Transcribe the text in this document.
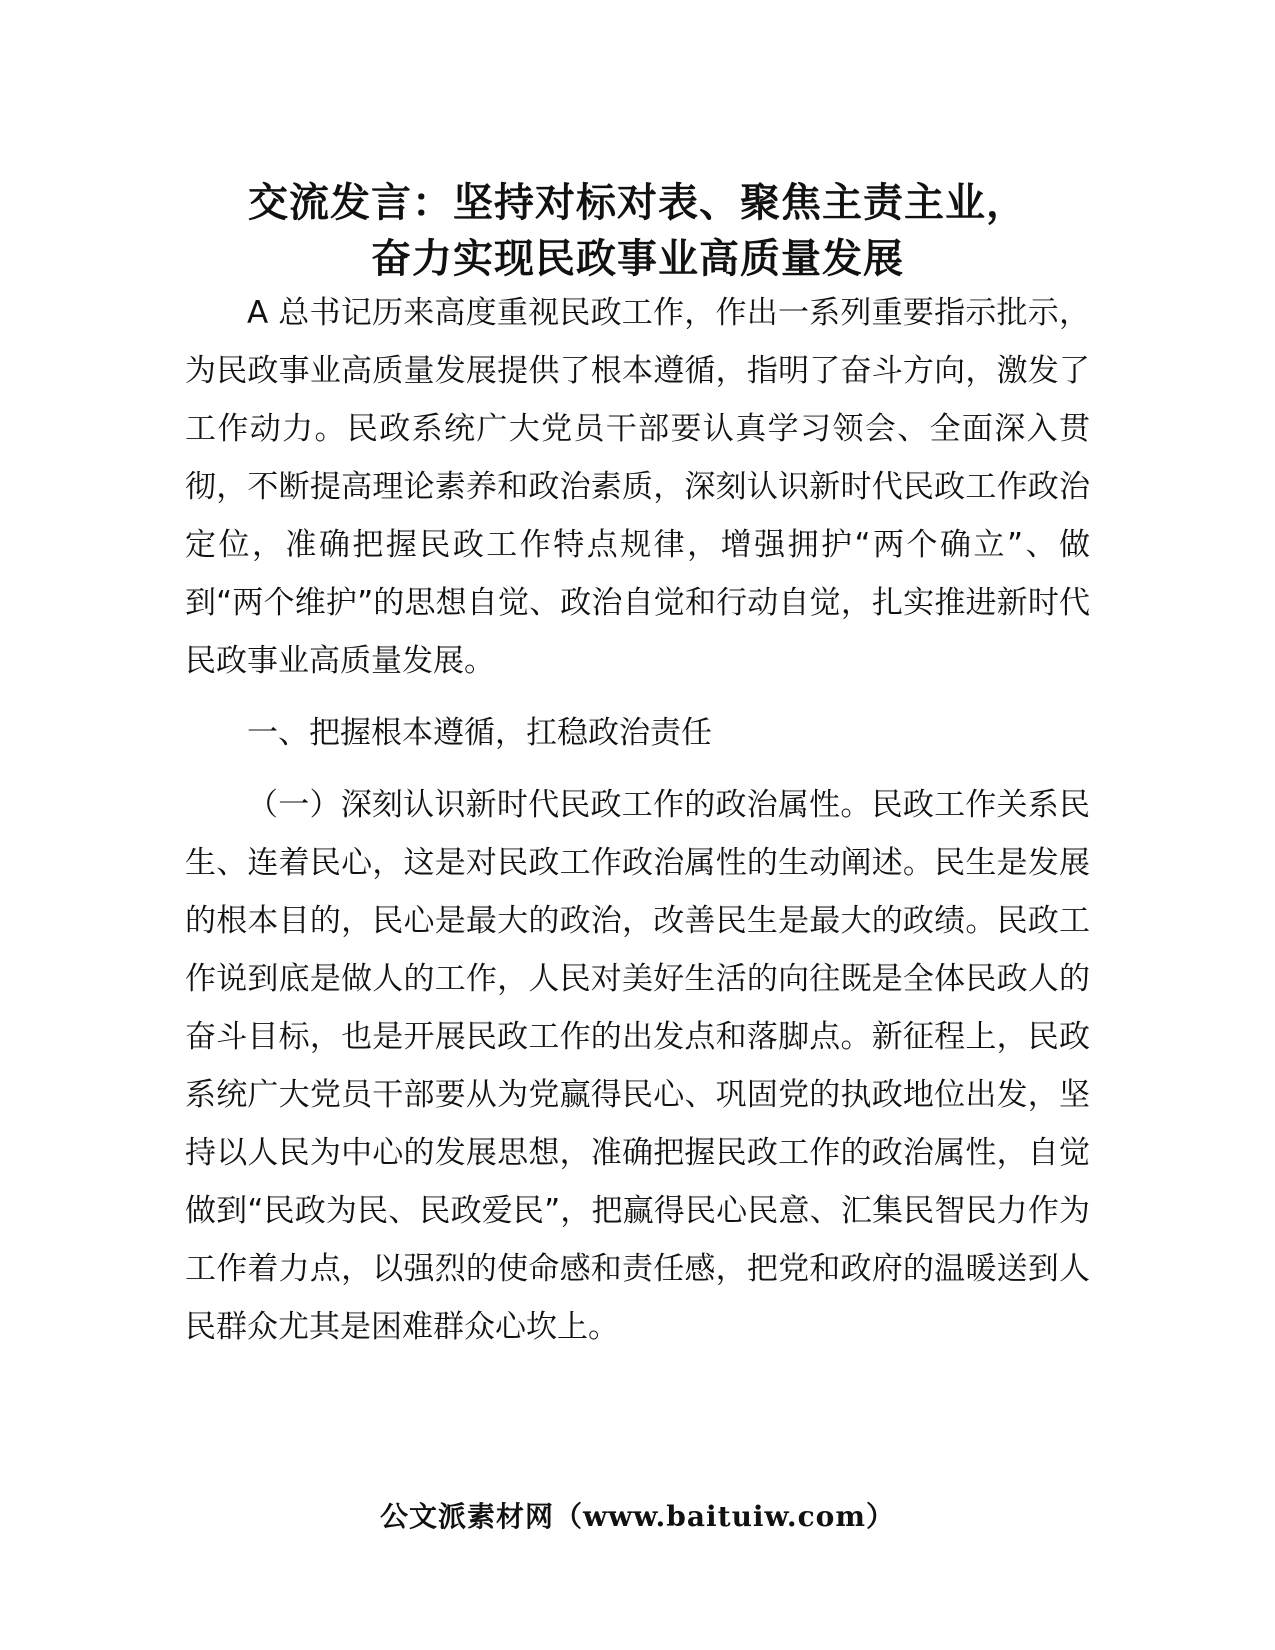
交流发言：坚持对标对表、聚焦主责主业，
奋力实现民政事业高质量发展

A 总书记历来高度重视民政工作，作出一系列重要指示批示，为民政事业高质量发展提供了根本遵循，指明了奋斗方向，激发了工作动力。民政系统广大党员干部要认真学习领会、全面深入贯彻，不断提高理论素养和政治素质，深刻认识新时代民政工作政治定位，准确把握民政工作特点规律，增强拥护“两个确立”、做到“两个维护”的思想自觉、政治自觉和行动自觉，扎实推进新时代民政事业高质量发展。

一、把握根本遵循，扛稳政治责任

（一）深刻认识新时代民政工作的政治属性。民政工作关系民生、连着民心，这是对民政工作政治属性的生动阐述。民生是发展的根本目的，民心是最大的政治，改善民生是最大的政绩。民政工作说到底是做人的工作，人民对美好生活的向往既是全体民政人的奋斗目标，也是开展民政工作的出发点和落脚点。新征程上，民政系统广大党员干部要从为党赢得民心、巩固党的执政地位出发，坚持以人民为中心的发展思想，准确把握民政工作的政治属性，自觉做到“民政为民、民政爱民”，把赢得民心民意、汇集民智民力作为工作着力点，以强烈的使命感和责任感，把党和政府的温暖送到人民群众尤其是困难群众心坎上。

公文派素材网（www.baituiw.com）
